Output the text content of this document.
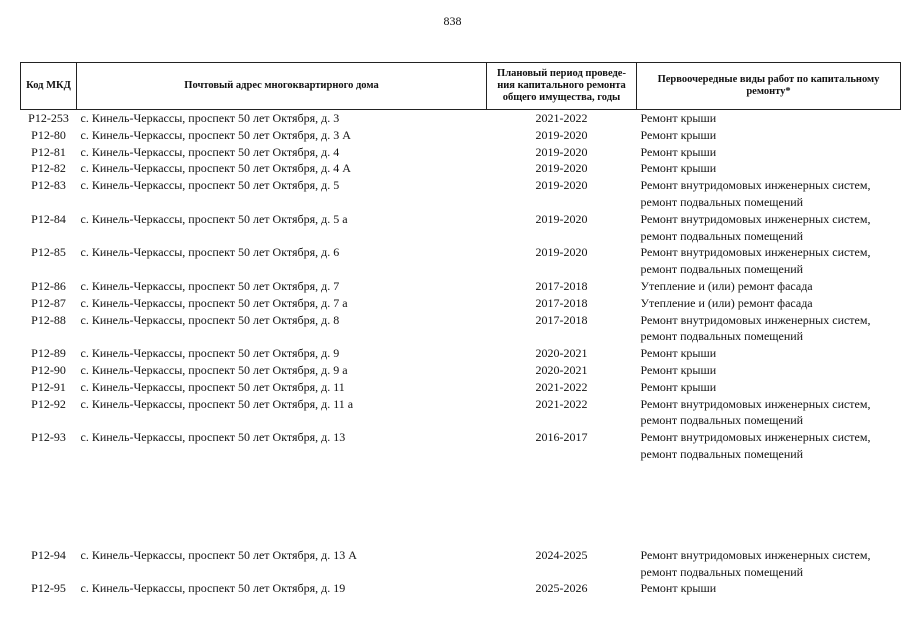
838
Код МКД	Почтовый адрес многоквартирного дома	Плановый период проведе-ния капитального ремонта общего имущества, годы	Первоочередные виды работ по капитальному ремонту*
Р12-253	с. Кинель-Черкассы, проспект 50 лет Октября, д. 3	2021-2022	Ремонт крыши
Р12-80	с. Кинель-Черкассы, проспект 50 лет Октября, д. 3 А	2019-2020	Ремонт крыши
Р12-81	с. Кинель-Черкассы, проспект 50 лет Октября, д. 4	2019-2020	Ремонт крыши
Р12-82	с. Кинель-Черкассы, проспект 50 лет Октября, д. 4 А	2019-2020	Ремонт крыши
Р12-83	с. Кинель-Черкассы, проспект 50 лет Октября, д. 5	2019-2020	Ремонт внутридомовых инженерных систем, ремонт подвальных помещений
Р12-84	с. Кинель-Черкассы, проспект 50 лет Октября, д. 5 а	2019-2020	Ремонт внутридомовых инженерных систем, ремонт подвальных помещений
Р12-85	с. Кинель-Черкассы, проспект 50 лет Октября, д. 6	2019-2020	Ремонт внутридомовых инженерных систем, ремонт подвальных помещений
Р12-86	с. Кинель-Черкассы, проспект 50 лет Октября, д. 7	2017-2018	Утепление и (или) ремонт фасада
Р12-87	с. Кинель-Черкассы, проспект 50 лет Октября, д. 7 а	2017-2018	Утепление и (или) ремонт фасада
Р12-88	с. Кинель-Черкассы, проспект 50 лет Октября, д. 8	2017-2018	Ремонт внутридомовых инженерных систем, ремонт подвальных помещений
Р12-89	с. Кинель-Черкассы, проспект 50 лет Октября, д. 9	2020-2021	Ремонт крыши
Р12-90	с. Кинель-Черкассы, проспект 50 лет Октября, д. 9 а	2020-2021	Ремонт крыши
Р12-91	с. Кинель-Черкассы, проспект 50 лет Октября, д. 11	2021-2022	Ремонт крыши
Р12-92	с. Кинель-Черкассы, проспект 50 лет Октября, д. 11 а	2021-2022	Ремонт внутридомовых инженерных систем, ремонт подвальных помещений
Р12-93	с. Кинель-Черкассы, проспект 50 лет Октября, д. 13	2016-2017	Ремонт внутридомовых инженерных систем, ремонт подвальных помещений

Р12-94	с. Кинель-Черкассы, проспект 50 лет Октября, д. 13 А	2024-2025	Ремонт внутридомовых инженерных систем, ремонт подвальных помещений
Р12-95	с. Кинель-Черкассы, проспект 50 лет Октября, д. 19	2025-2026	Ремонт крыши
